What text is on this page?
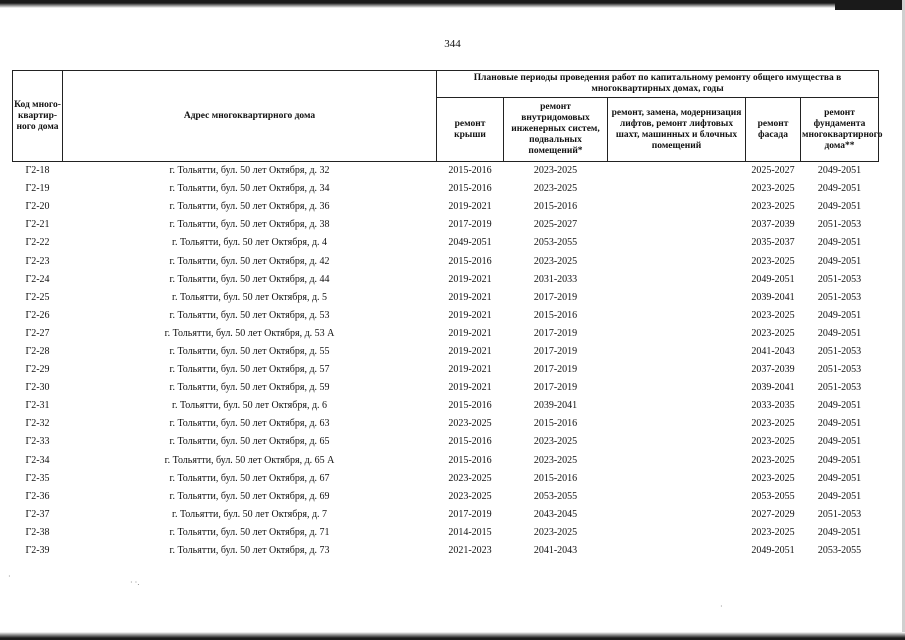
344
Код много-квартир-ного дома	Адрес многоквартирного дома	Плановые периоды проведения работ по капитальному ремонту общего имущества в многоквартирных домах, годы				
		ремонт крыши	ремонт внутридомовых инженерных систем, подвальных помещений*	ремонт, замена, модернизация лифтов, ремонт лифтовых шахт, машинных и блочных помещений	ремонт фасада	ремонт фундамента многоквартирного дома**
Г2-18	г. Тольятти, бул. 50 лет Октября, д. 32	2015-2016	2023-2025		2025-2027	2049-2051
Г2-19	г. Тольятти, бул. 50 лет Октября, д. 34	2015-2016	2023-2025		2023-2025	2049-2051
Г2-20	г. Тольятти, бул. 50 лет Октября, д. 36	2019-2021	2015-2016		2023-2025	2049-2051
Г2-21	г. Тольятти, бул. 50 лет Октября, д. 38	2017-2019	2025-2027		2037-2039	2051-2053
Г2-22	г. Тольятти, бул. 50 лет Октября, д. 4	2049-2051	2053-2055		2035-2037	2049-2051
Г2-23	г. Тольятти, бул. 50 лет Октября, д. 42	2015-2016	2023-2025		2023-2025	2049-2051
Г2-24	г. Тольятти, бул. 50 лет Октября, д. 44	2019-2021	2031-2033		2049-2051	2051-2053
Г2-25	г. Тольятти, бул. 50 лет Октября, д. 5	2019-2021	2017-2019		2039-2041	2051-2053
Г2-26	г. Тольятти, бул. 50 лет Октября, д. 53	2019-2021	2015-2016		2023-2025	2049-2051
Г2-27	г. Тольятти, бул. 50 лет Октября, д. 53 А	2019-2021	2017-2019		2023-2025	2049-2051
Г2-28	г. Тольятти, бул. 50 лет Октября, д. 55	2019-2021	2017-2019		2041-2043	2051-2053
Г2-29	г. Тольятти, бул. 50 лет Октября, д. 57	2019-2021	2017-2019		2037-2039	2051-2053
Г2-30	г. Тольятти, бул. 50 лет Октября, д. 59	2019-2021	2017-2019		2039-2041	2051-2053
Г2-31	г. Тольятти, бул. 50 лет Октября, д. 6	2015-2016	2039-2041		2033-2035	2049-2051
Г2-32	г. Тольятти, бул. 50 лет Октября, д. 63	2023-2025	2015-2016		2023-2025	2049-2051
Г2-33	г. Тольятти, бул. 50 лет Октября, д. 65	2015-2016	2023-2025		2023-2025	2049-2051
Г2-34	г. Тольятти, бул. 50 лет Октября, д. 65 А	2015-2016	2023-2025		2023-2025	2049-2051
Г2-35	г. Тольятти, бул. 50 лет Октября, д. 67	2023-2025	2015-2016		2023-2025	2049-2051
Г2-36	г. Тольятти, бул. 50 лет Октября, д. 69	2023-2025	2053-2055		2053-2055	2049-2051
Г2-37	г. Тольятти, бул. 50 лет Октября, д. 7	2017-2019	2043-2045		2027-2029	2051-2053
Г2-38	г. Тольятти, бул. 50 лет Октября, д. 71	2014-2015	2023-2025		2023-2025	2049-2051
Г2-39	г. Тольятти, бул. 50 лет Октября, д. 73	2021-2023	2041-2043		2049-2051	2053-2055
·
· ·.
·
